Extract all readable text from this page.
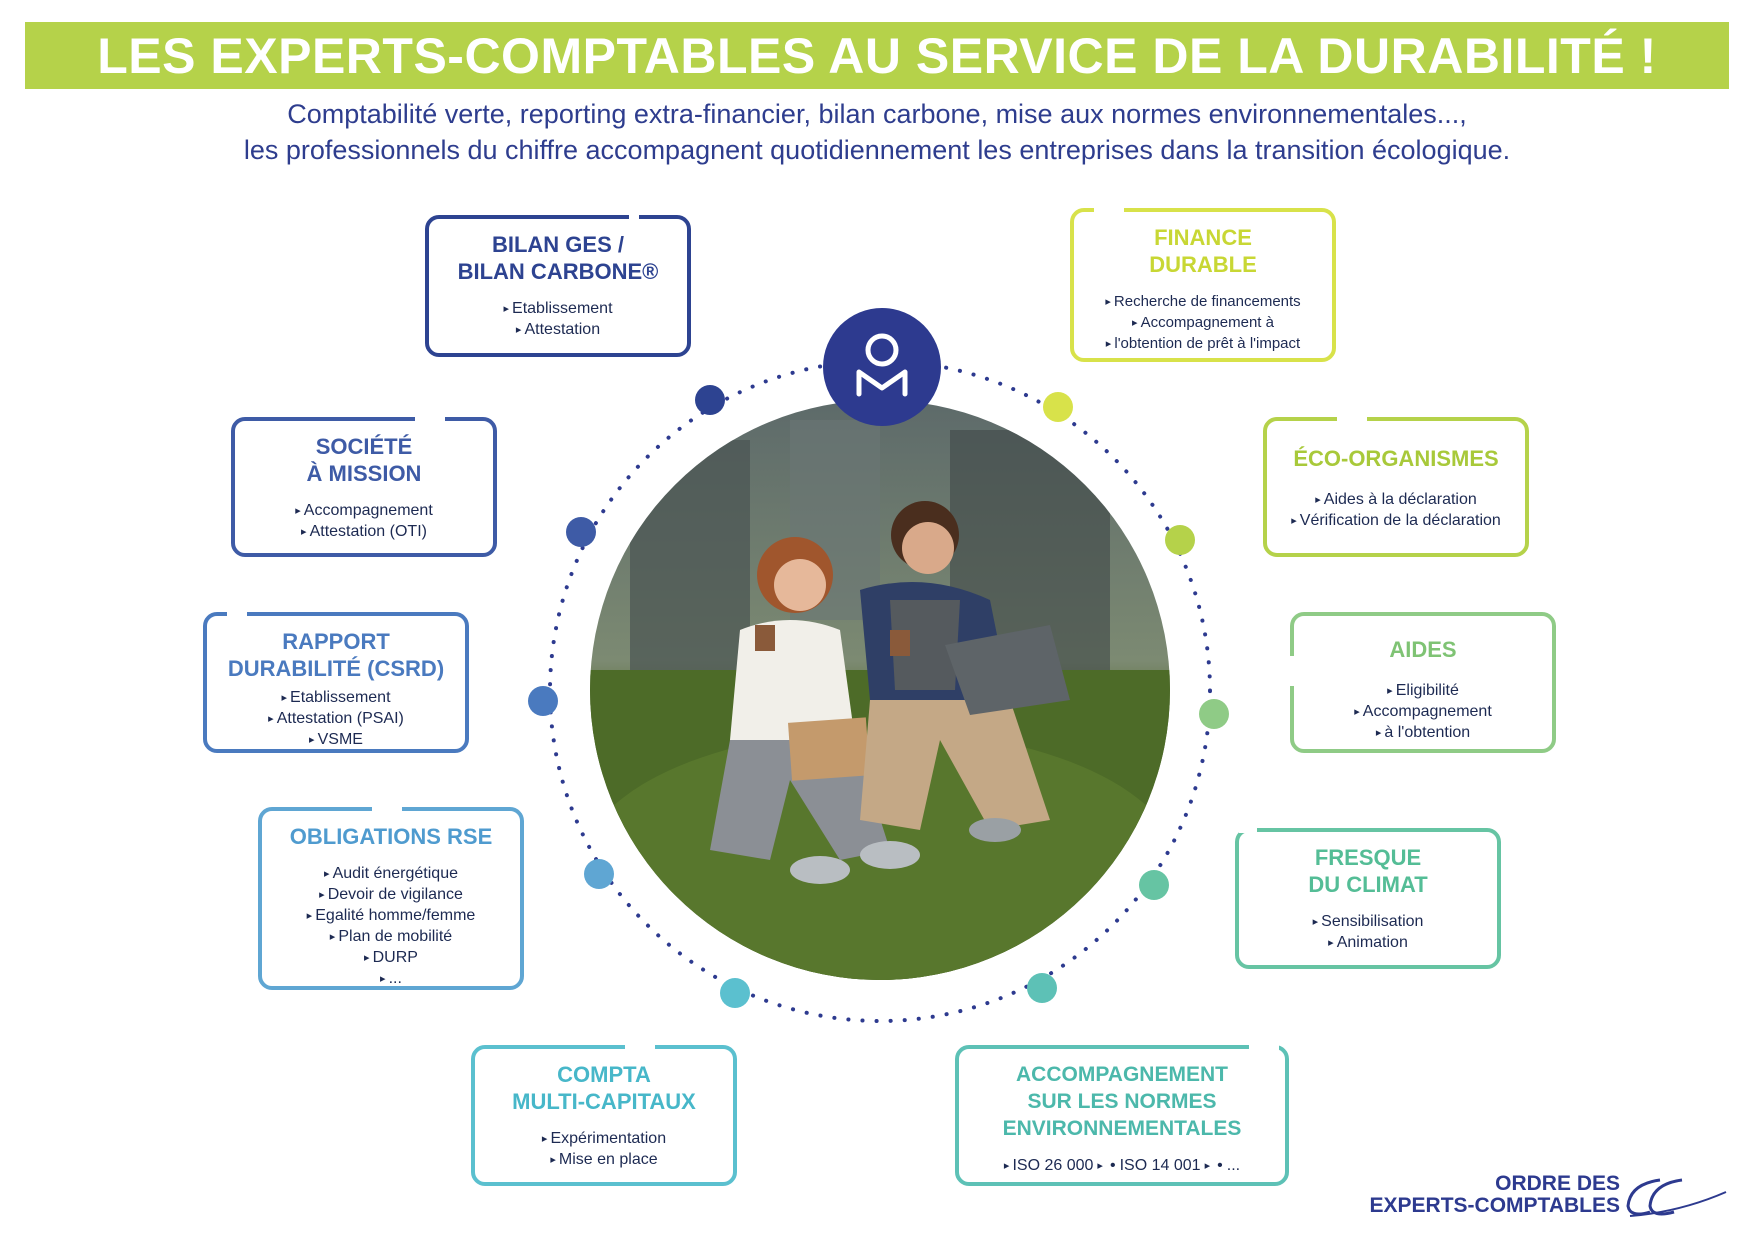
LES EXPERTS-COMPTABLES AU SERVICE DE LA DURABILITÉ !
Comptabilité verte, reporting extra-financier, bilan carbone, mise aux normes environnementales...,
les professionnels du chiffre accompagnent quotidiennement les entreprises dans la transition écologique.
BILAN GES /
BILAN CARBONE®
▸ Etablissement
▸ Attestation
SOCIÉTÉ
À MISSION
▸ Accompagnement
▸ Attestation (OTI)
RAPPORT
DURABILITÉ (CSRD)
▸ Etablissement
▸ Attestation (PSAI)
▸ VSME
OBLIGATIONS RSE
▸ Audit énergétique
▸ Devoir de vigilance
▸ Egalité homme/femme
▸ Plan de mobilité
▸ DURP
▸ ...
COMPTA
MULTI-CAPITAUX
▸ Expérimentation
▸ Mise en place
FINANCE
DURABLE
▸ Recherche de financements
▸ Accompagnement à
▸ l'obtention de prêt à l'impact
ÉCO-ORGANISMES
▸ Aides à la déclaration
▸ Vérification de la déclaration
AIDES
▸ Eligibilité
▸ Accompagnement
▸ à l'obtention
FRESQUE
DU CLIMAT
▸ Sensibilisation
▸ Animation
ACCOMPAGNEMENT
SUR LES NORMES
ENVIRONNEMENTALES
▸ ISO 26 000	▸ • ISO 14 001	▸ • ...
ORDRE DES
EXPERTS-COMPTABLES
